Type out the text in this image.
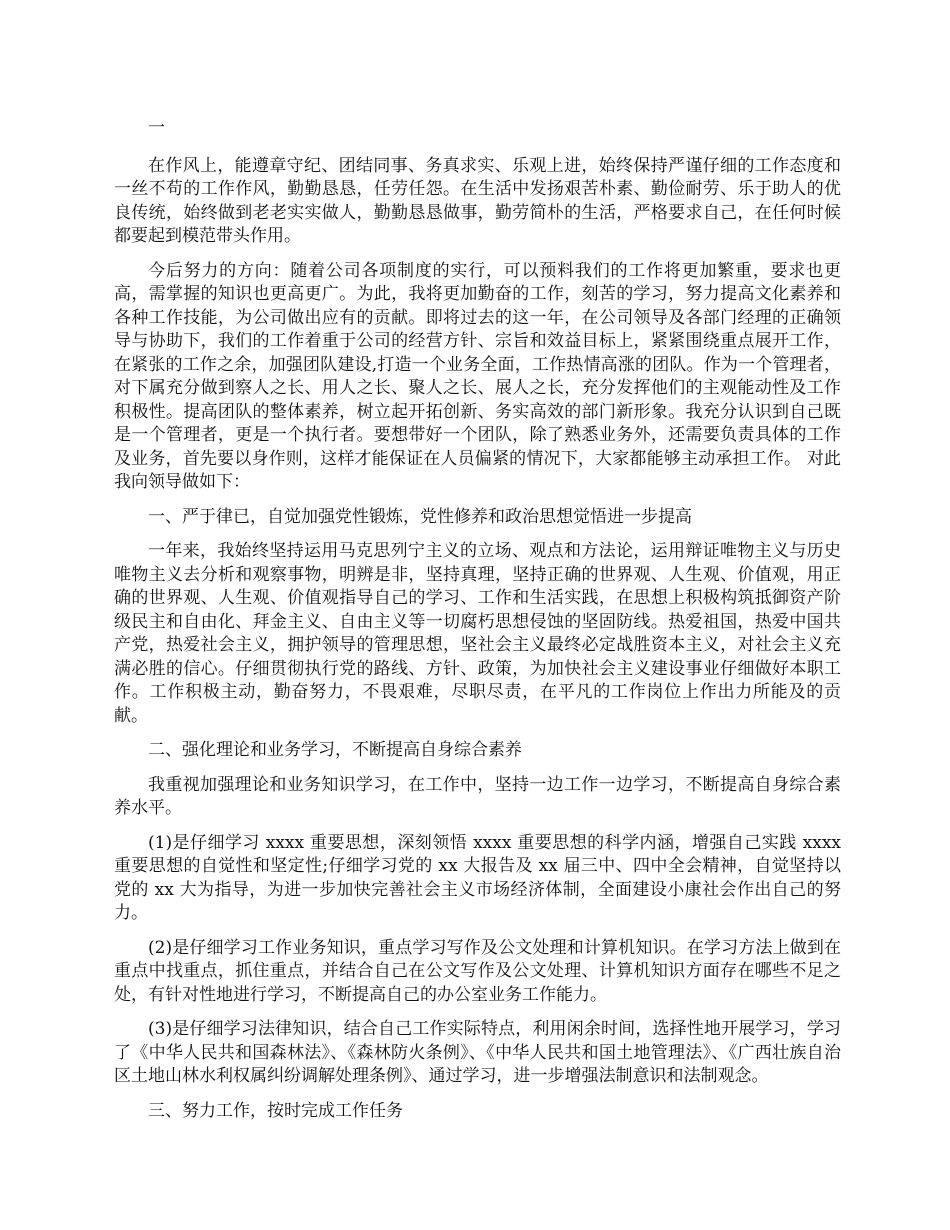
一

在作风上，能遵章守纪、团结同事、务真求实、乐观上进，始终保持严谨仔细的工作态度和一丝不苟的工作作风，勤勤恳恳，任劳任怨。在生活中发扬艰苦朴素、勤俭耐劳、乐于助人的优良传统，始终做到老老实实做人，勤勤恳恳做事，勤劳简朴的生活，严格要求自己，在任何时候都要起到模范带头作用。

今后努力的方向：随着公司各项制度的实行，可以预料我们的工作将更加繁重，要求也更高，需掌握的知识也更高更广。为此，我将更加勤奋的工作，刻苦的学习，努力提高文化素养和各种工作技能，为公司做出应有的贡献。即将过去的这一年，在公司领导及各部门经理的正确领导与协助下，我们的工作着重于公司的经营方针、宗旨和效益目标上，紧紧围绕重点展开工作， 在紧张的工作之余，加强团队建设,打造一个业务全面，工作热情高涨的团队。作为一个管理者，对下属充分做到察人之长、用人之长、聚人之长、展人之长，充分发挥他们的主观能动性及工作积极性。提高团队的整体素养，树立起开拓创新、务实高效的部门新形象。我充分认识到自己既是一个管理者，更是一个执行者。要想带好一个团队，除了熟悉业务外，还需要负责具体的工作及业务，首先要以身作则，这样才能保证在人员偏紧的情况下，大家都能够主动承担工作。 对此我向领导做如下：

一、严于律已，自觉加强党性锻炼，党性修养和政治思想觉悟进一步提高

一年来，我始终坚持运用马克思列宁主义的立场、观点和方法论，运用辩证唯物主义与历史唯物主义去分析和观察事物，明辨是非，坚持真理，坚持正确的世界观、人生观、价值观，用正确的世界观、人生观、价值观指导自己的学习、工作和生活实践，在思想上积极构筑抵御资产阶级民主和自由化、拜金主义、自由主义等一切腐朽思想侵蚀的坚固防线。热爱祖国，热爱中国共产党，热爱社会主义，拥护领导的管理思想，坚社会主义最终必定战胜资本主义，对社会主义充满必胜的信心。仔细贯彻执行党的路线、方针、政策，为加快社会主义建设事业仔细做好本职工作。工作积极主动，勤奋努力，不畏艰难，尽职尽责，在平凡的工作岗位上作出力所能及的贡献。

二、强化理论和业务学习，不断提高自身综合素养

我重视加强理论和业务知识学习，在工作中，坚持一边工作一边学习，不断提高自身综合素养水平。

(1)是仔细学习 xxxx 重要思想，深刻领悟 xxxx 重要思想的科学内涵，增强自己实践 xxxx 重要思想的自觉性和坚定性;仔细学习党的 xx 大报告及 xx 届三中、四中全会精神，自觉坚持以党的 xx 大为指导，为进一步加快完善社会主义市场经济体制，全面建设小康社会作出自己的努力。

(2)是仔细学习工作业务知识，重点学习写作及公文处理和计算机知识。在学习方法上做到在重点中找重点，抓住重点，并结合自己在公文写作及公文处理、计算机知识方面存在哪些不足之处，有针对性地进行学习，不断提高自己的办公室业务工作能力。

(3)是仔细学习法律知识，结合自己工作实际特点，利用闲余时间，选择性地开展学习，学习了《中华人民共和国森林法》、《森林防火条例》、《中华人民共和国土地管理法》、《广西壮族自治区土地山林水利权属纠纷调解处理条例》、通过学习，进一步增强法制意识和法制观念。

三、努力工作，按时完成工作任务
